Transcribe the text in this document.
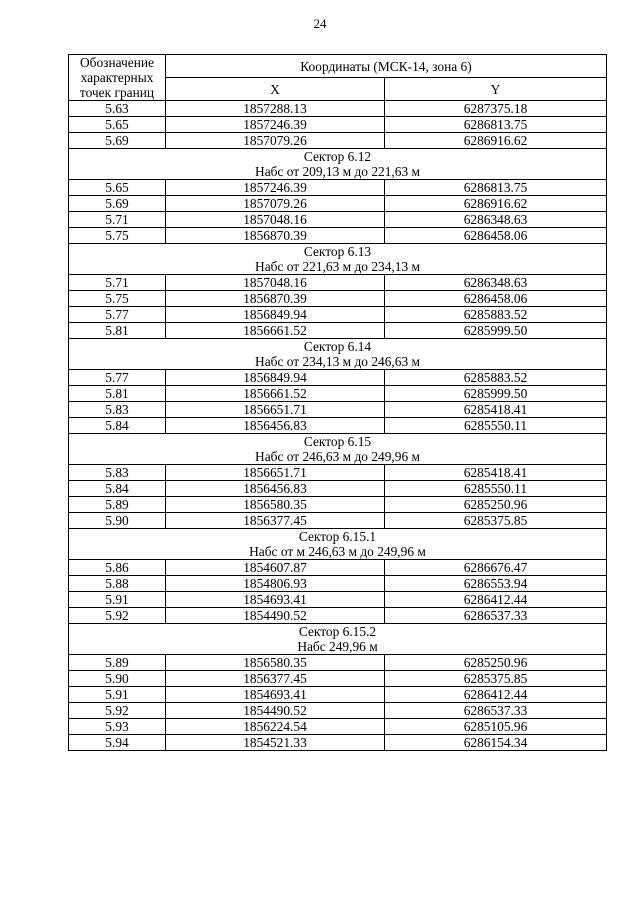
24
Обозначение характерных точек границ	Координаты (МСК-14, зона 6)	
	X	Y
5.63	1857288.13	6287375.18
5.65	1857246.39	6286813.75
5.69	1857079.26	6286916.62

Сектор 6.12
Набс от 209,13 м до 221,63 м		

5.65	1857246.39	6286813.75
5.69	1857079.26	6286916.62
5.71	1857048.16	6286348.63
5.75	1856870.39	6286458.06

Сектор 6.13
Набс от 221,63 м до 234,13 м		

5.71	1857048.16	6286348.63
5.75	1856870.39	6286458.06
5.77	1856849.94	6285883.52
5.81	1856661.52	6285999.50

Сектор 6.14
Набс от 234,13 м до 246,63 м		

5.77	1856849.94	6285883.52
5.81	1856661.52	6285999.50
5.83	1856651.71	6285418.41
5.84	1856456.83	6285550.11

Сектор 6.15
Набс от 246,63 м до 249,96 м		

5.83	1856651.71	6285418.41
5.84	1856456.83	6285550.11
5.89	1856580.35	6285250.96
5.90	1856377.45	6285375.85

Сектор 6.15.1
Набс от м 246,63 м до 249,96 м		

5.86	1854607.87	6286676.47
5.88	1854806.93	6286553.94
5.91	1854693.41	6286412.44
5.92	1854490.52	6286537.33

Сектор 6.15.2
Набс 249,96 м		

5.89	1856580.35	6285250.96
5.90	1856377.45	6285375.85
5.91	1854693.41	6286412.44
5.92	1854490.52	6286537.33
5.93	1856224.54	6285105.96
5.94	1854521.33	6286154.34
